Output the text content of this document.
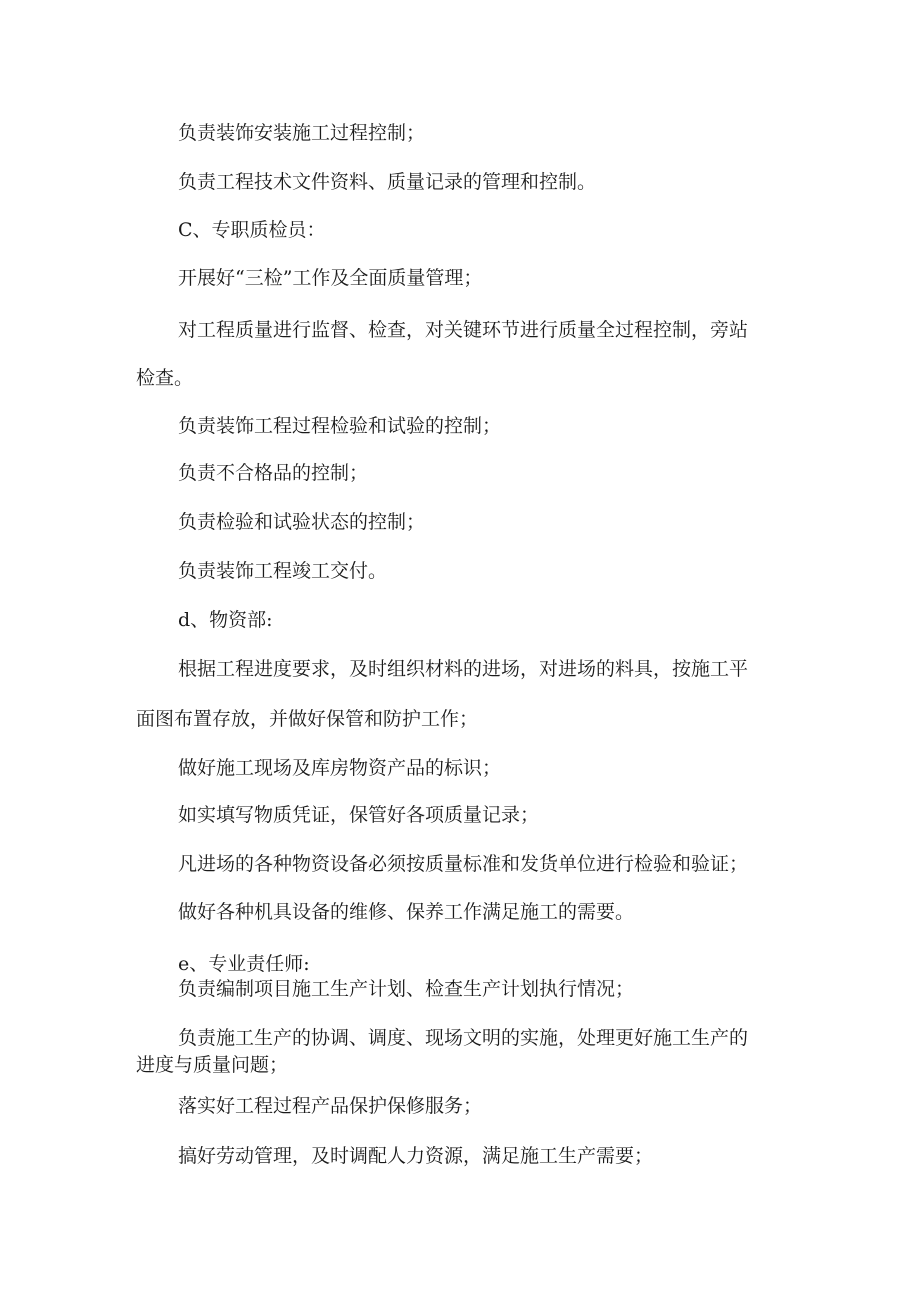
负责装饰安装施工过程控制；

负责工程技术文件资料、质量记录的管理和控制。

C、专职质检员：

开展好“三检”工作及全面质量管理；

对工程质量进行监督、检查，对关键环节进行质量全过程控制，旁站
检查。

负责装饰工程过程检验和试验的控制；

负责不合格品的控制；

负责检验和试验状态的控制；

负责装饰工程竣工交付。

d、物资部:

根据工程进度要求，及时组织材料的进场，对进场的料具，按施工平
面图布置存放，并做好保管和防护工作；

做好施工现场及库房物资产品的标识；

如实填写物质凭证，保管好各项质量记录；

凡进场的各种物资设备必须按质量标准和发货单位进行检验和验证；

做好各种机具设备的维修、保养工作满足施工的需要。

e、专业责任师:

负责编制项目施工生产计划、检查生产计划执行情况；

负责施工生产的协调、调度、现场文明的实施，处理更好施工生产的
进度与质量问题；

落实好工程过程产品保护保修服务；

搞好劳动管理，及时调配人力资源，满足施工生产需要；
